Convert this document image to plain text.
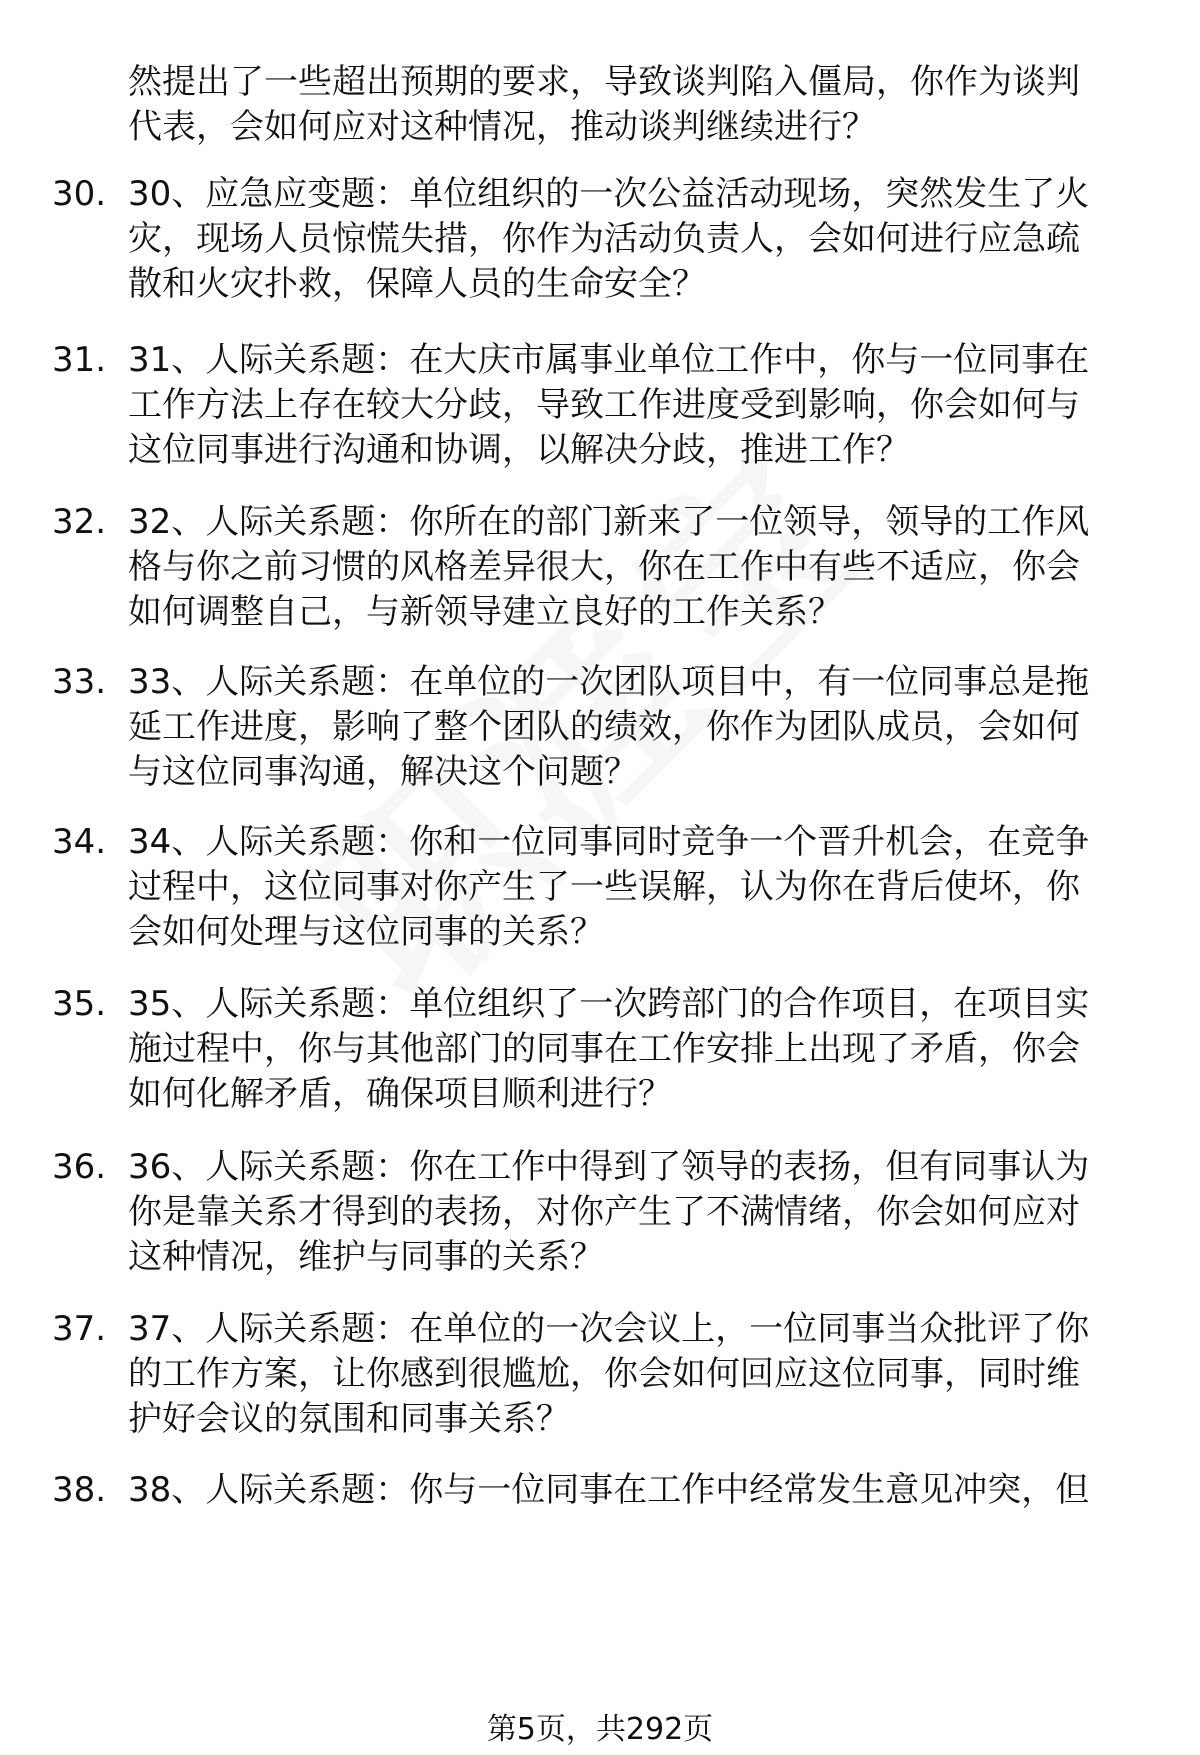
然提出了一些超出预期的要求，导致谈判陷入僵局，你作为谈判
代表，会如何应对这种情况，推动谈判继续进行？
30. 30、应急应变题：单位组织的一次公益活动现场，突然发生了火
灾，现场人员惊慌失措，你作为活动负责人，会如何进行应急疏
散和火灾扑救，保障人员的生命安全？
31. 31、人际关系题：在大庆市属事业单位工作中，你与一位同事在
工作方法上存在较大分歧，导致工作进度受到影响，你会如何与
这位同事进行沟通和协调，以解决分歧，推进工作？
32. 32、人际关系题：你所在的部门新来了一位领导，领导的工作风
格与你之前习惯的风格差异很大，你在工作中有些不适应，你会
如何调整自己，与新领导建立良好的工作关系？
33. 33、人际关系题：在单位的一次团队项目中，有一位同事总是拖
延工作进度，影响了整个团队的绩效，你作为团队成员，会如何
与这位同事沟通，解决这个问题？
34. 34、人际关系题：你和一位同事同时竞争一个晋升机会，在竞争
过程中，这位同事对你产生了一些误解，认为你在背后使坏，你
会如何处理与这位同事的关系？
35. 35、人际关系题：单位组织了一次跨部门的合作项目，在项目实
施过程中，你与其他部门的同事在工作安排上出现了矛盾，你会
如何化解矛盾，确保项目顺利进行？
36. 36、人际关系题：你在工作中得到了领导的表扬，但有同事认为
你是靠关系才得到的表扬，对你产生了不满情绪，你会如何应对
这种情况，维护与同事的关系？
37. 37、人际关系题：在单位的一次会议上，一位同事当众批评了你
的工作方案，让你感到很尴尬，你会如何回应这位同事，同时维
护好会议的氛围和同事关系？
38. 38、人际关系题：你与一位同事在工作中经常发生意见冲突，但
第5页，共292页
